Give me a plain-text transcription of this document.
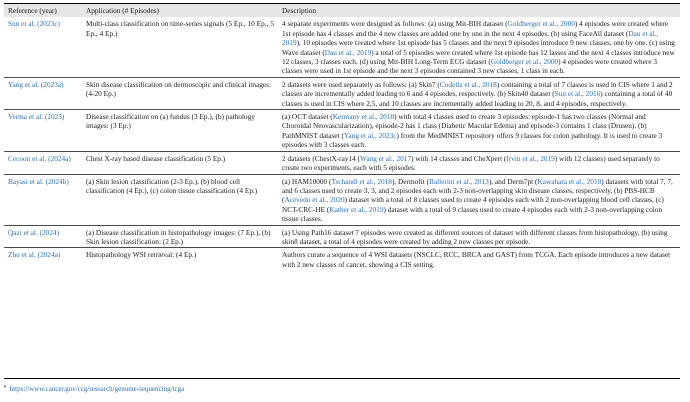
Reference (year)	Application (# Episodes)	Description
Sun et al. (2023c)	Multi-class classification on time-series signals (5 Ep., 10 Ep., 5 Ep., 4 Ep.)	4 separate experiments were designed as follows: (a) using Mit-BIH dataset (Goldberger et al., 2000) 4 episodes were created where 1st episode has 4 classes and the 4 new classes are added one by one in the next 4 episodes. (b) using FaceAll dataset (Dau et al., 2019), 10 episodes were created where 1st episode has 5 classes and the next 9 episodes introduce 9 new classes, one by one. (c) using Wave dataset (Dau et al., 2019) a total of 5 episodes were created where 1st episode has 12 lasses and the next 4 classes introduce new 12 classes, 3 classes each. (d) using Mit-BIH Long-Term ECG dataset (Goldberger et al., 2000) 4 episodes were created where 3 classes were used in 1st episode and the next 3 episodes contained 3 new classes, 1 class in each.
Yang et al. (2023a)	Skin disease classification on dermoscopic and clinical images: (4-20 Ep.)	2 datasets were used separately as follows: (a) Skin7 (Codella et al., 2018) containing a total of 7 classes is used in CIS where 1 and 2 classes are incrementally added leading to 6 and 4 episodes, respectively. (b) Skin40 dataset (Sun et al., 2016) containing a total of 40 classes is used in CIS where 2,5, and 10 classes are incrementally added leading to 20, 8, and 4 episodes, respectively.
Verma et al. (2023)	Disease classification on (a) fundus (3 Ep.), (b) pathology images: (3 Ep.)	(a) OCT dataset (Kermany et al., 2018) with total 4 classes used to create 3 episodes: episode-1 has two classes (Normal and Choroidal Neovascularization), episode-2 has 1 class (Diabetic Macular Edema) and episode-3 contains 1 class (Drusen). (b) PathMNIST dataset (Yang et al., 2023c) from the MedMNIST repository offers 9 classes for colon pathology. It is used to create 3 episodes with 3 classes each.
Cecoon et al. (2024a)	Chest X-ray based disease classification (5 Ep.)	2 datasets (ChestX-ray14 (Wang et al., 2017) with 14 classes and CheXpert (Irvin et al., 2019) with 12 classes) used separately to create two experiments, each with 5 episodes.
Bayasi et al. (2024b)	(a) Skin lesion classification (2-3 Ep.), (b) blood cell classification (4 Ep.), (c) colon tissue classification (4 Ep.)	(a) HAM10000 (Tschandl et al., 2018), Dermofit (Ballerini et al., 2013), and Derm7pt (Kawahara et al., 2018) datasets with total 7, 7, and 6 classes used to create 3, 3, and 2 episodes each with 2-3 non-overlapping skin disease classes, respectively, (b) PBS-HCB (Acevedo et al., 2020) dataset with a total of 8 classes used to create 4 episodes each with 2 non-overlapping blood cell classes, (c) NCT-CRC-HE (Kather et al., 2019) dataset with a total of 9 classes used to create 4 episodes each with 2-3 non-overlapping colon tissue classes.
Qazi et al. (2024)	(a) Disease classification in histopathology images: (7 Ep.), (b) Skin lesion classification: (2 Ep.)	(a) Using Path16 dataset 7 episodes were created as different sources of dataset with different classes from histopathology, (b) using skin8 dataset, a total of 4 episodes were created by adding 2 new classes per episode.
Zhu et al. (2024a)	Histopathology WSI retrieval: (4 Ep.)	Authors curate a sequence of 4 WSI datasets (NSCLC, RCC, BRCA and GAST) from TCGA. Each episode introduces a new dataset with 2 new classes of cancer, showing a CIS setting.
$^a$ https://www.cancer.gov/ccg/research/genome-sequencing/tcga
